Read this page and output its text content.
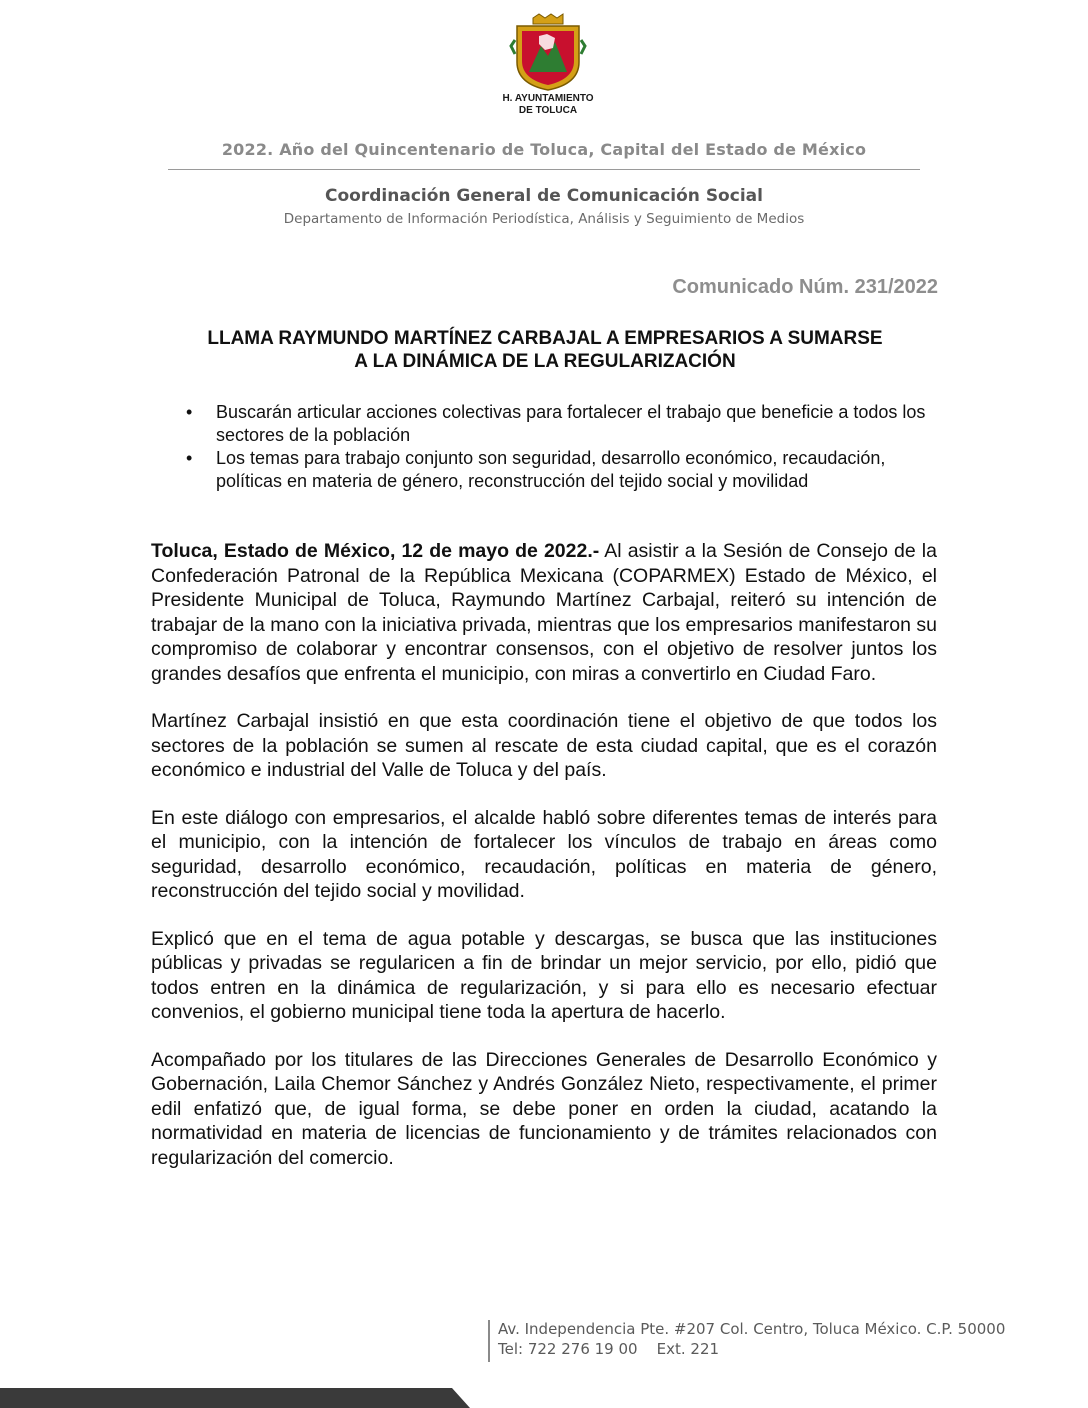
H. AYUNTAMIENTO
DE TOLUCA
2022. Año del Quincentenario de Toluca, Capital del Estado de México
Coordinación General de Comunicación Social
Departamento de Información Periodística, Análisis y Seguimiento de Medios
Comunicado Núm. 231/2022
LLAMA RAYMUNDO MARTÍNEZ CARBAJAL A EMPRESARIOS A SUMARSE
A LA DINÁMICA DE LA REGULARIZACIÓN
• Buscarán articular acciones colectivas para fortalecer el trabajo que beneficie a todos los sectores de la población
• Los temas para trabajo conjunto son seguridad, desarrollo económico, recaudación, políticas en materia de género, reconstrucción del tejido social y movilidad

Toluca, Estado de México, 12 de mayo de 2022.- Al asistir a la Sesión de Consejo de la Confederación Patronal de la República Mexicana (COPARMEX) Estado de México, el Presidente Municipal de Toluca, Raymundo Martínez Carbajal, reiteró su intención de trabajar de la mano con la iniciativa privada, mientras que los empresarios manifestaron su compromiso de colaborar y encontrar consensos, con el objetivo de resolver juntos los grandes desafíos que enfrenta el municipio, con miras a convertirlo en Ciudad Faro.

Martínez Carbajal insistió en que esta coordinación tiene el objetivo de que todos los sectores de la población se sumen al rescate de esta ciudad capital, que es el corazón económico e industrial del Valle de Toluca y del país.

En este diálogo con empresarios, el alcalde habló sobre diferentes temas de interés para el municipio, con la intención de fortalecer los vínculos de trabajo en áreas como seguridad, desarrollo económico, recaudación, políticas en materia de género, reconstrucción del tejido social y movilidad.

Explicó que en el tema de agua potable y descargas, se busca que las instituciones públicas y privadas se regularicen a fin de brindar un mejor servicio, por ello, pidió que todos entren en la dinámica de regularización, y si para ello es necesario efectuar convenios, el gobierno municipal tiene toda la apertura de hacerlo.

Acompañado por los titulares de las Direcciones Generales de Desarrollo Económico y Gobernación, Laila Chemor Sánchez y Andrés González Nieto, respectivamente, el primer edil enfatizó que, de igual forma, se debe poner en orden la ciudad, acatando la normatividad en materia de licencias de funcionamiento y de trámites relacionados con regularización del comercio.

Av. Independencia Pte. #207 Col. Centro, Toluca México. C.P. 50000
Tel: 722 276 19 00    Ext. 221
